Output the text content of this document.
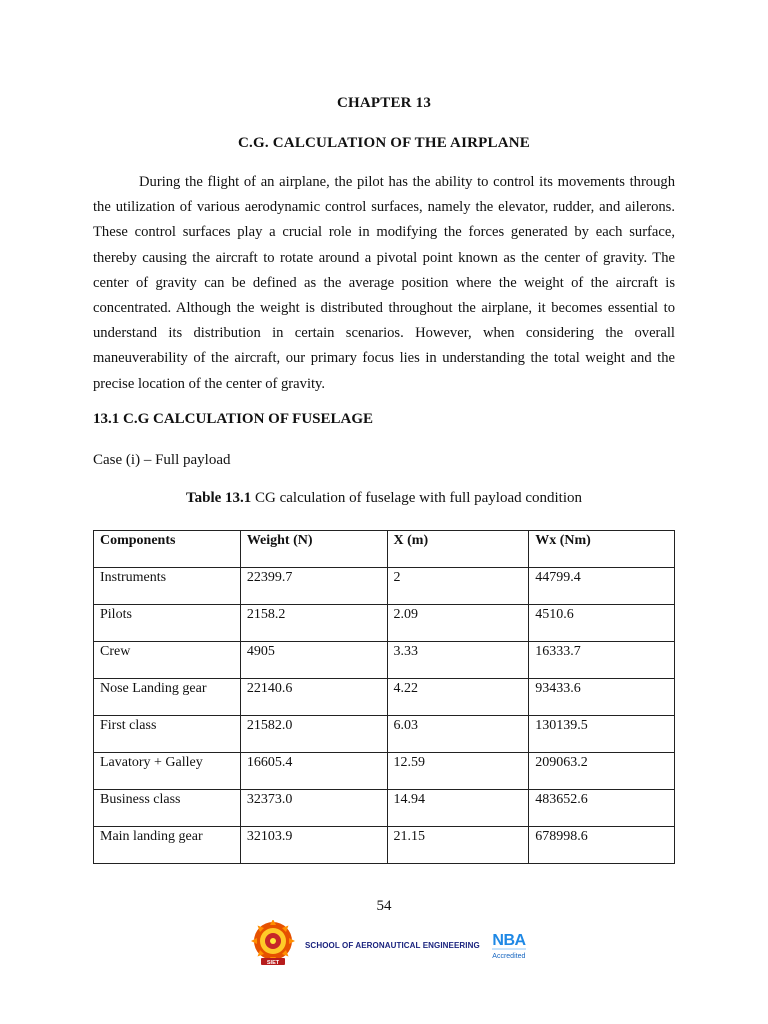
CHAPTER 13
C.G. CALCULATION OF THE AIRPLANE

During the flight of an airplane, the pilot has the ability to control its movements through the utilization of various aerodynamic control surfaces, namely the elevator, rudder, and ailerons. These control surfaces play a crucial role in modifying the forces generated by each surface, thereby causing the aircraft to rotate around a pivotal point known as the center of gravity. The center of gravity can be defined as the average position where the weight of the aircraft is concentrated. Although the weight is distributed throughout the airplane, it becomes essential to understand its distribution in certain scenarios. However, when considering the overall maneuverability of the aircraft, our primary focus lies in understanding the total weight and the precise location of the center of gravity.

13.1 C.G CALCULATION OF FUSELAGE

Case (i) – Full payload

Table 13.1 CG calculation of fuselage with full payload condition
Components	Weight (N)	X (m)	Wx (Nm)
Instruments	22399.7	2	44799.4
Pilots	2158.2	2.09	4510.6
Crew	4905	3.33	16333.7
Nose Landing gear	22140.6	4.22	93433.6
First class	21582.0	6.03	130139.5
Lavatory + Galley	16605.4	12.59	209063.2
Business class	32373.0	14.94	483652.6
Main landing gear	32103.9	21.15	678998.6
54
SIET
SCHOOL OF AERONAUTICAL ENGINEERING NBA
Accredited
